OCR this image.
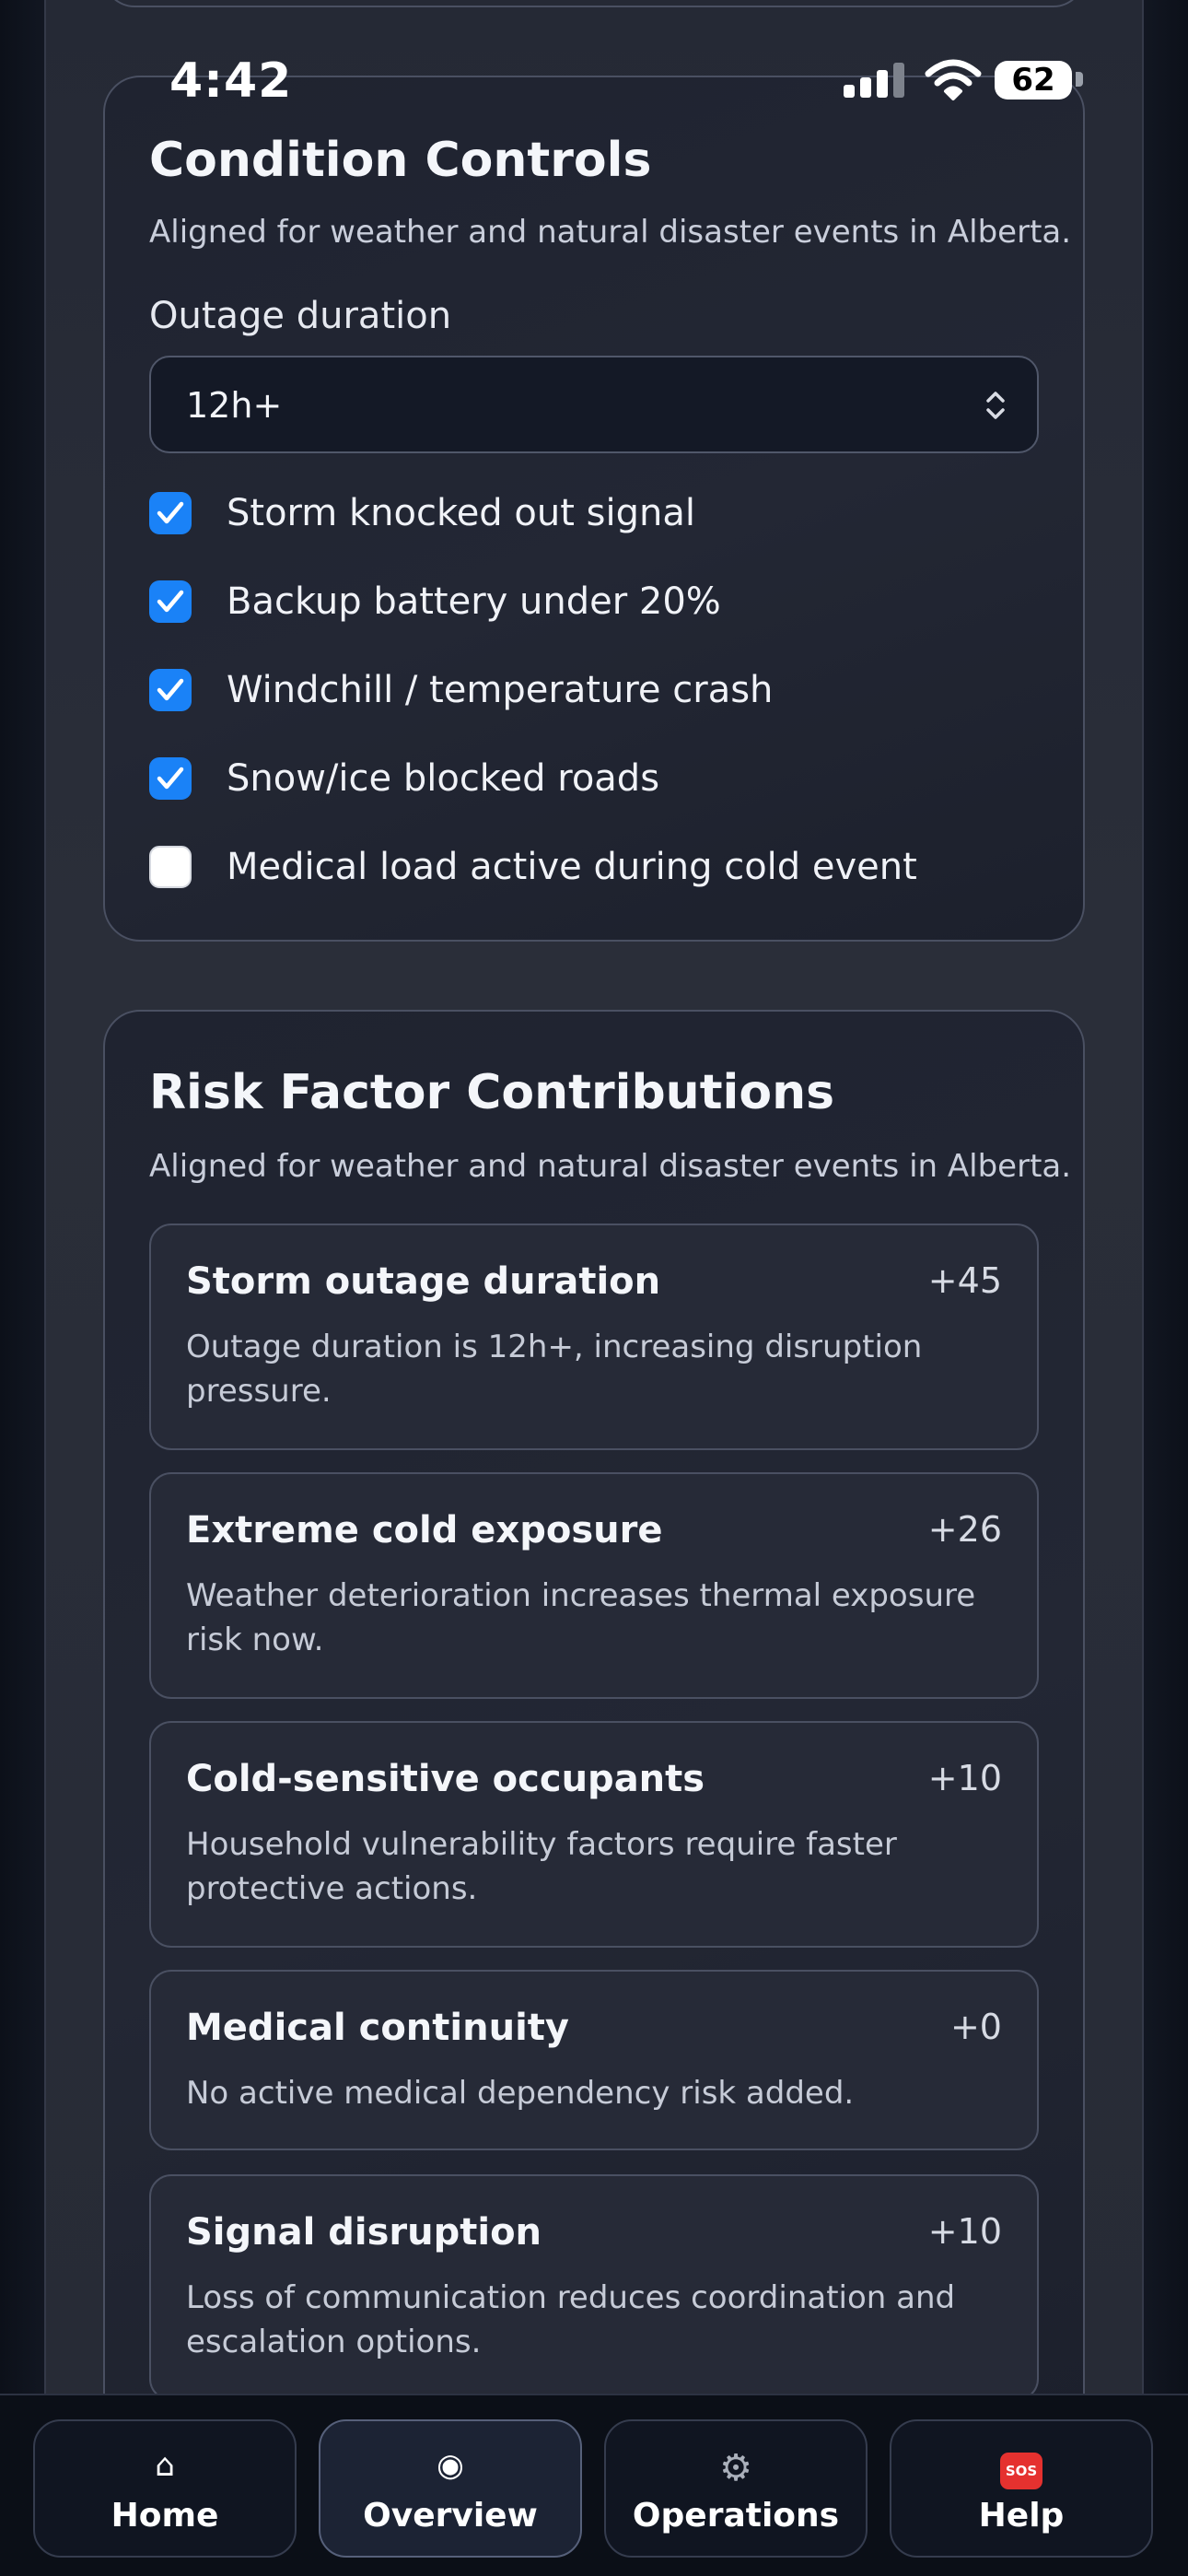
Condition Controls
Aligned for weather and natural disaster events in Alberta.
Outage duration
12h+
Storm knocked out signal
Backup battery under 20%
Windchill / temperature crash
Snow/ice blocked roads
Medical load active during cold event
4:42	62
Risk Factor Contributions
Aligned for weather and natural disaster events in Alberta.
Storm outage duration	+45
Outage duration is 12h+, increasing disruption pressure.
Extreme cold exposure	+26
Weather deterioration increases thermal exposure risk now.
Cold-sensitive occupants	+10
Household vulnerability factors require faster protective actions.
Medical continuity	+0
No active medical dependency risk added.
Signal disruption	+10
Loss of communication reduces coordination and escalation options.
⌂
Home
◉
Overview
⚙
Operations
SOS
Help
